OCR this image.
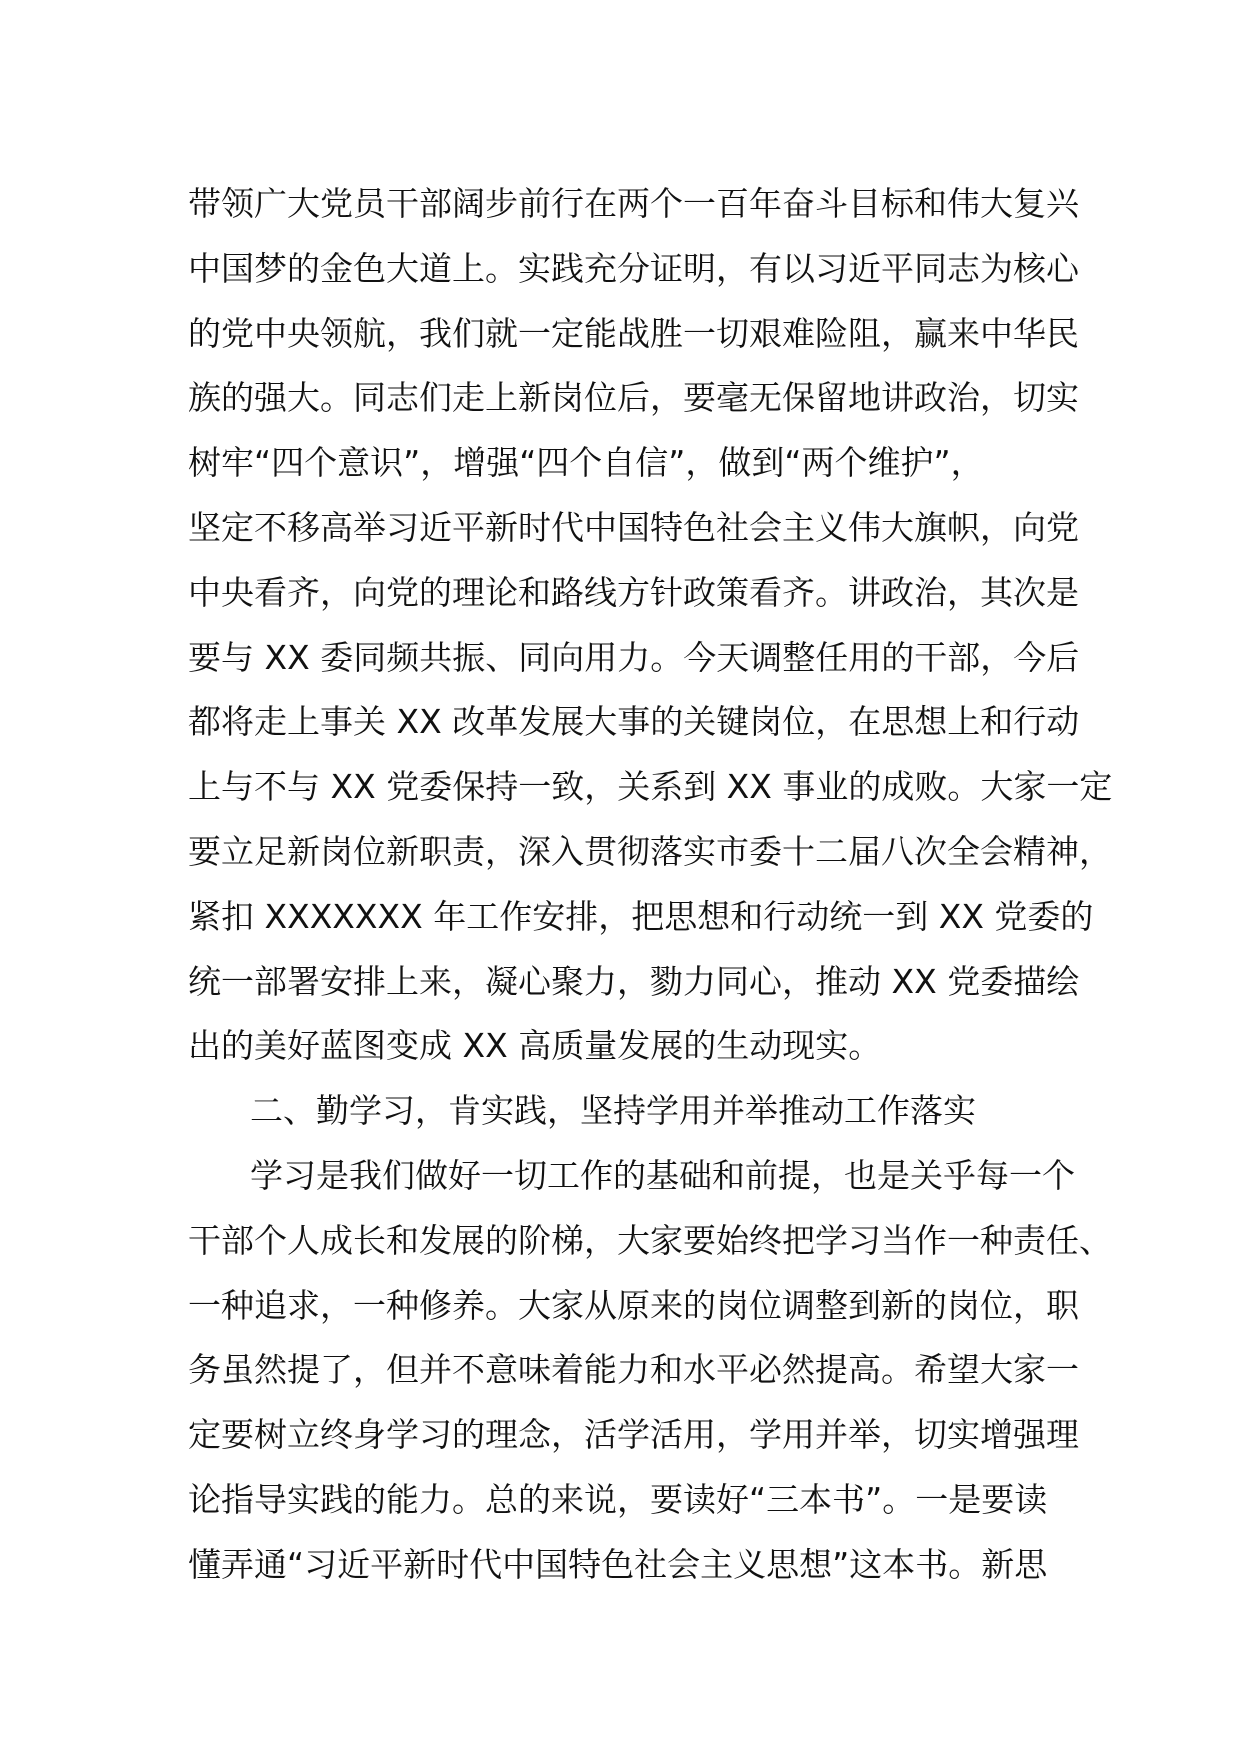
带领广大党员干部阔步前行在两个一百年奋斗目标和伟大复兴
中国梦的金色大道上。实践充分证明，有以习近平同志为核心
的党中央领航，我们就一定能战胜一切艰难险阻，赢来中华民
族的强大。同志们走上新岗位后，要毫无保留地讲政治，切实
树牢“四个意识”，增强“四个自信”，做到“两个维护”，
坚定不移高举习近平新时代中国特色社会主义伟大旗帜，向党
中央看齐，向党的理论和路线方针政策看齐。讲政治，其次是
要与 XX 委同频共振、同向用力。今天调整任用的干部，今后
都将走上事关 XX 改革发展大事的关键岗位，在思想上和行动
上与不与 XX 党委保持一致，关系到 XX 事业的成败。大家一定
要立足新岗位新职责，深入贯彻落实市委十二届八次全会精神，
紧扣 XXXXXXX 年工作安排，把思想和行动统一到 XX 党委的
统一部署安排上来，凝心聚力，勠力同心，推动 XX 党委描绘
出的美好蓝图变成 XX 高质量发展的生动现实。
二、勤学习，肯实践，坚持学用并举推动工作落实
学习是我们做好一切工作的基础和前提，也是关乎每一个
干部个人成长和发展的阶梯，大家要始终把学习当作一种责任、
一种追求，一种修养。大家从原来的岗位调整到新的岗位，职
务虽然提了，但并不意味着能力和水平必然提高。希望大家一
定要树立终身学习的理念，活学活用，学用并举，切实增强理
论指导实践的能力。总的来说，要读好“三本书”。一是要读
懂弄通“习近平新时代中国特色社会主义思想”这本书。新思
